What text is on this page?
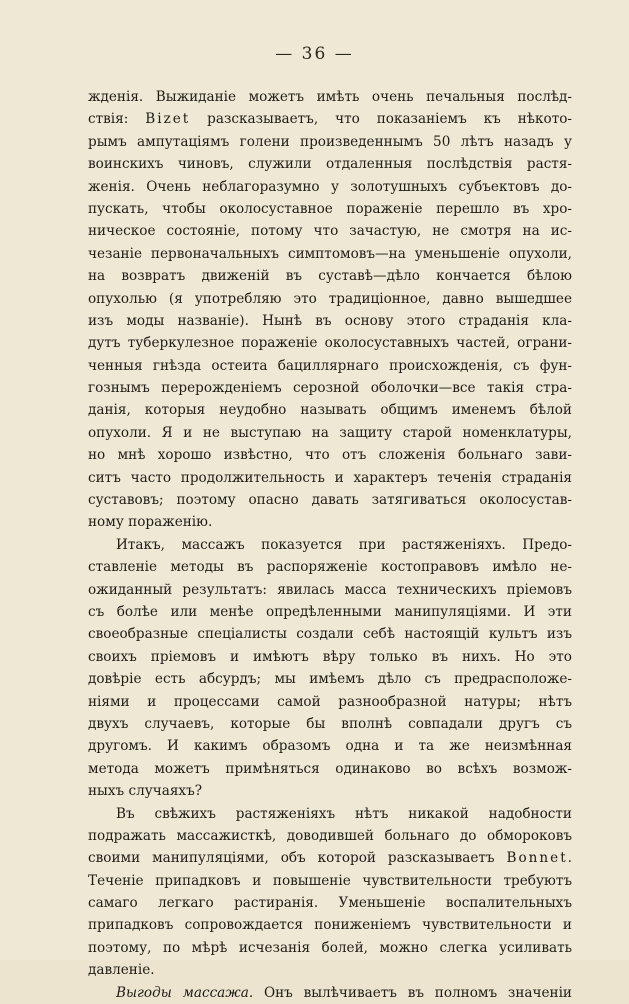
— 36 —
жденія. Выжиданіе можетъ имѣть очень печальныя послѣд-
ствія: Bizet разсказываетъ, что показаніемъ къ нѣкото-
рымъ ампутаціямъ голени произведеннымъ 50 лѣтъ назадъ у
воинскихъ чиновъ, служили отдаленныя послѣдствія растя-
женія. Очень неблагоразумно у золотушныхъ субъектовъ до-
пускать, чтобы околосуставное пораженіе перешло въ хро-
ническое состояніе, потому что зачастую, не смотря на ис-
чезаніе первоначальныхъ симптомовъ—на уменьшеніе опухоли,
на возвратъ движеній въ суставѣ—дѣло кончается бѣлою
опухолью (я употребляю это традиціонное, давно вышедшее
изъ моды названіе). Нынѣ въ основу этого страданія кла-
дутъ туберкулезное пораженіе околосуставныхъ частей, ограни-
ченныя гнѣзда остеита бациллярнаго происхожденія, съ фун-
гознымъ перерожденіемъ серозной оболочки—все такія стра-
данія, которыя неудобно называть общимъ именемъ бѣлой
опухоли. Я и не выступаю на защиту старой номенклатуры,
но мнѣ хорошо извѣстно, что отъ сложенія больнаго зави-
ситъ часто продолжительность и характеръ теченія страданія
суставовъ; поэтому опасно давать затягиваться околосустав-
ному пораженію.
Итакъ, массажъ показуется при растяженіяхъ. Предо-
ставленіе методы въ распоряженіе костоправовъ имѣло не-
ожиданный результатъ: явилась масса техническихъ пріемовъ
съ болѣе или менѣе опредѣленными манипуляціями. И эти
своеобразные спеціалисты создали себѣ настоящій культъ изъ
своихъ пріемовъ и имѣютъ вѣру только въ нихъ. Но это
довѣріе есть абсурдъ; мы имѣемъ дѣло съ предрасположе-
ніями и процессами самой разнообразной натуры; нѣтъ
двухъ случаевъ, которые бы вполнѣ совпадали другъ съ
другомъ. И какимъ образомъ одна и та же неизмѣнная
метода можетъ примѣняться одинаково во всѣхъ возмож-
ныхъ случаяхъ?
Въ свѣжихъ растяженіяхъ нѣтъ никакой надобности
подражать массажисткѣ, доводившей больнаго до обмороковъ
своими манипуляціями, объ которой разсказываетъ Bonnet.
Теченіе припадковъ и повышеніе чувствительности требуютъ
самаго легкаго растиранія. Уменьшеніе воспалительныхъ
припадковъ сопровождается пониженіемъ чувствительности и
поэтому, по мѣрѣ исчезанія болей, можно слегка усиливать
давленіе.
Выгоды массажа. Онъ вылѣчиваетъ въ полномъ значеніи
